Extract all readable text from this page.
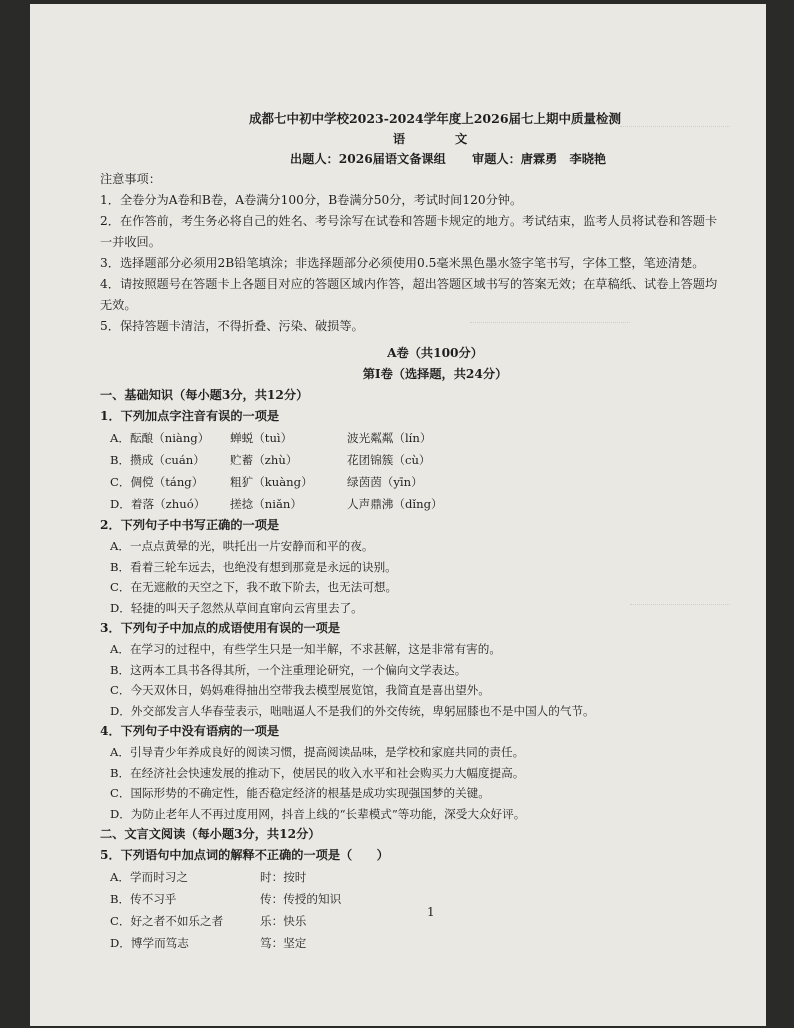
成都七中初中学校2023-2024学年度上2026届七上期中质量检测
语文
出题人：2026届语文备课组 审题人：唐霖勇　李晓艳
注意事项：
1．全卷分为A卷和B卷，A卷满分100分，B卷满分50分，考试时间120分钟。
2．在作答前，考生务必将自己的姓名、考号涂写在试卷和答题卡规定的地方。考试结束，监考人员将试卷和答题卡一并收回。
3．选择题部分必须用2B铅笔填涂；非选择题部分必须使用0.5毫米黑色墨水签字笔书写，字体工整，笔迹清楚。
4．请按照题号在答题卡上各题目对应的答题区域内作答，超出答题区域书写的答案无效；在草稿纸、试卷上答题均无效。
5．保持答题卡清洁，不得折叠、污染、破损等。
A卷（共100分）
第Ⅰ卷（选择题，共24分）
一、基础知识（每小题3分，共12分）
1．下列加点字注音有误的一项是
A．酝酿（niàng）	蝉蜕（tuì）	波光粼粼（lín）
B．攒成（cuán）	贮蓄（zhù）	花团锦簇（cù）
C．倜傥（táng）	粗犷（kuàng）	绿茵茵（yīn）
D．着落（zhuó）	搓捻（niǎn）	人声鼎沸（dǐng）
2．下列句子中书写正确的一项是
A．一点点黄晕的光，哄托出一片安静而和平的夜。
B．看着三轮车远去，也绝没有想到那竟是永远的诀别。
C．在无遮敝的天空之下，我不敢下阶去，也无法可想。
D．轻捷的叫天子忽然从草间直窜向云宵里去了。
3．下列句子中加点的成语使用有误的一项是
A．在学习的过程中，有些学生只是一知半解，不求甚解，这是非常有害的。
B．这两本工具书各得其所，一个注重理论研究，一个偏向文学表达。
C．今天双休日，妈妈难得抽出空带我去模型展览馆，我简直是喜出望外。
D．外交部发言人华春莹表示，咄咄逼人不是我们的外交传统，卑躬屈膝也不是中国人的气节。
4．下列句子中没有语病的一项是
A．引导青少年养成良好的阅读习惯，提高阅读品味，是学校和家庭共同的责任。
B．在经济社会快速发展的推动下，使居民的收入水平和社会购买力大幅度提高。
C．国际形势的不确定性，能否稳定经济的根基是成功实现强国梦的关键。
D．为防止老年人不再过度用网，抖音上线的“长辈模式”等功能，深受大众好评。
二、文言文阅读（每小题3分，共12分）
5．下列语句中加点词的解释不正确的一项是（　　）
A．学而时习之	时：按时
B．传不习乎	传：传授的知识
C．好之者不如乐之者	乐：快乐
D．博学而笃志	笃：坚定
1
